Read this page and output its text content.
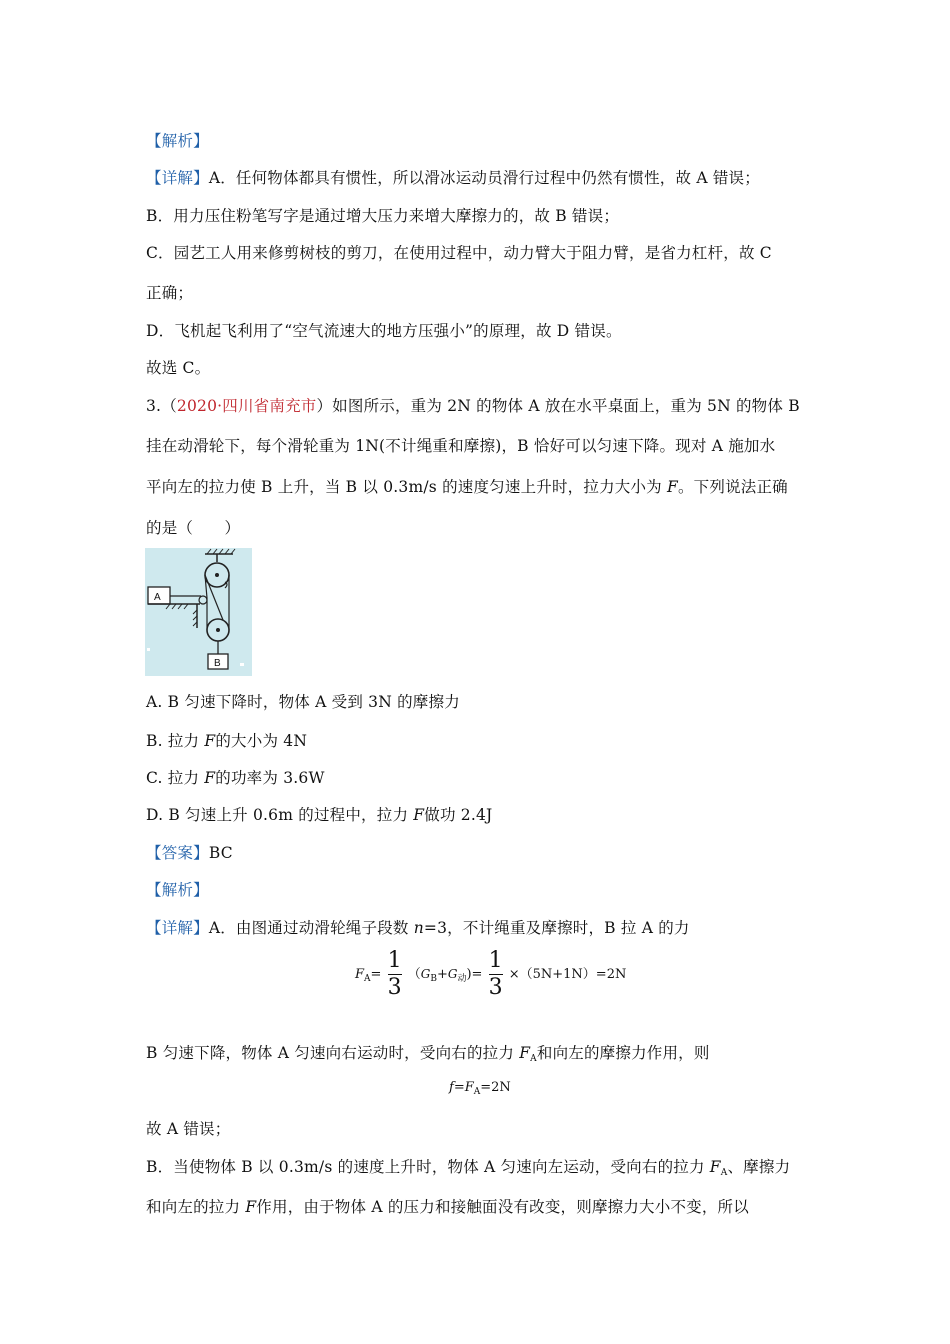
【解析】
【详解】A．任何物体都具有惯性，所以滑冰运动员滑行过程中仍然有惯性，故 A 错误；
B．用力压住粉笔写字是通过增大压力来增大摩擦力的，故 B 错误；
C．园艺工人用来修剪树枝的剪刀，在使用过程中，动力臂大于阻力臂，是省力杠杆，故 C
正确；
D．飞机起飞利用了“空气流速大的地方压强小”的原理，故 D 错误。
故选 C。
3.（2020·四川省南充市）如图所示，重为 2N 的物体 A 放在水平桌面上，重为 5N 的物体 B
挂在动滑轮下，每个滑轮重为 1N(不计绳重和摩擦)，B 恰好可以匀速下降。现对 A 施加水
平向左的拉力使 B 上升，当 B 以 0.3m/s 的速度匀速上升时，拉力大小为 F。下列说法正确
的是（　　）
A
B
A. B 匀速下降时，物体 A 受到 3N 的摩擦力
B. 拉力 F的大小为 4N
C. 拉力 F的功率为 3.6W
D. B 匀速上升 0.6m 的过程中，拉力 F做功 2.4J
【答案】BC
【解析】
【详解】A．由图通过动滑轮绳子段数 n=3，不计绳重及摩擦时，B 拉 A 的力
$F_A= \frac{1}{3} (G_B+G_动)= \frac{1}{3} \times(5N+1N)=2N$
B 匀速下降，物体 A 匀速向右运动时，受向右的拉力 $F_A$和向左的摩擦力作用，则
$f=F_A=2N$
故 A 错误；
B．当使物体 B 以 0.3m/s 的速度上升时，物体 A 匀速向左运动，受向右的拉力 $F_A$、摩擦力
和向左的拉力 F作用，由于物体 A 的压力和接触面没有改变，则摩擦力大小不变，所以
